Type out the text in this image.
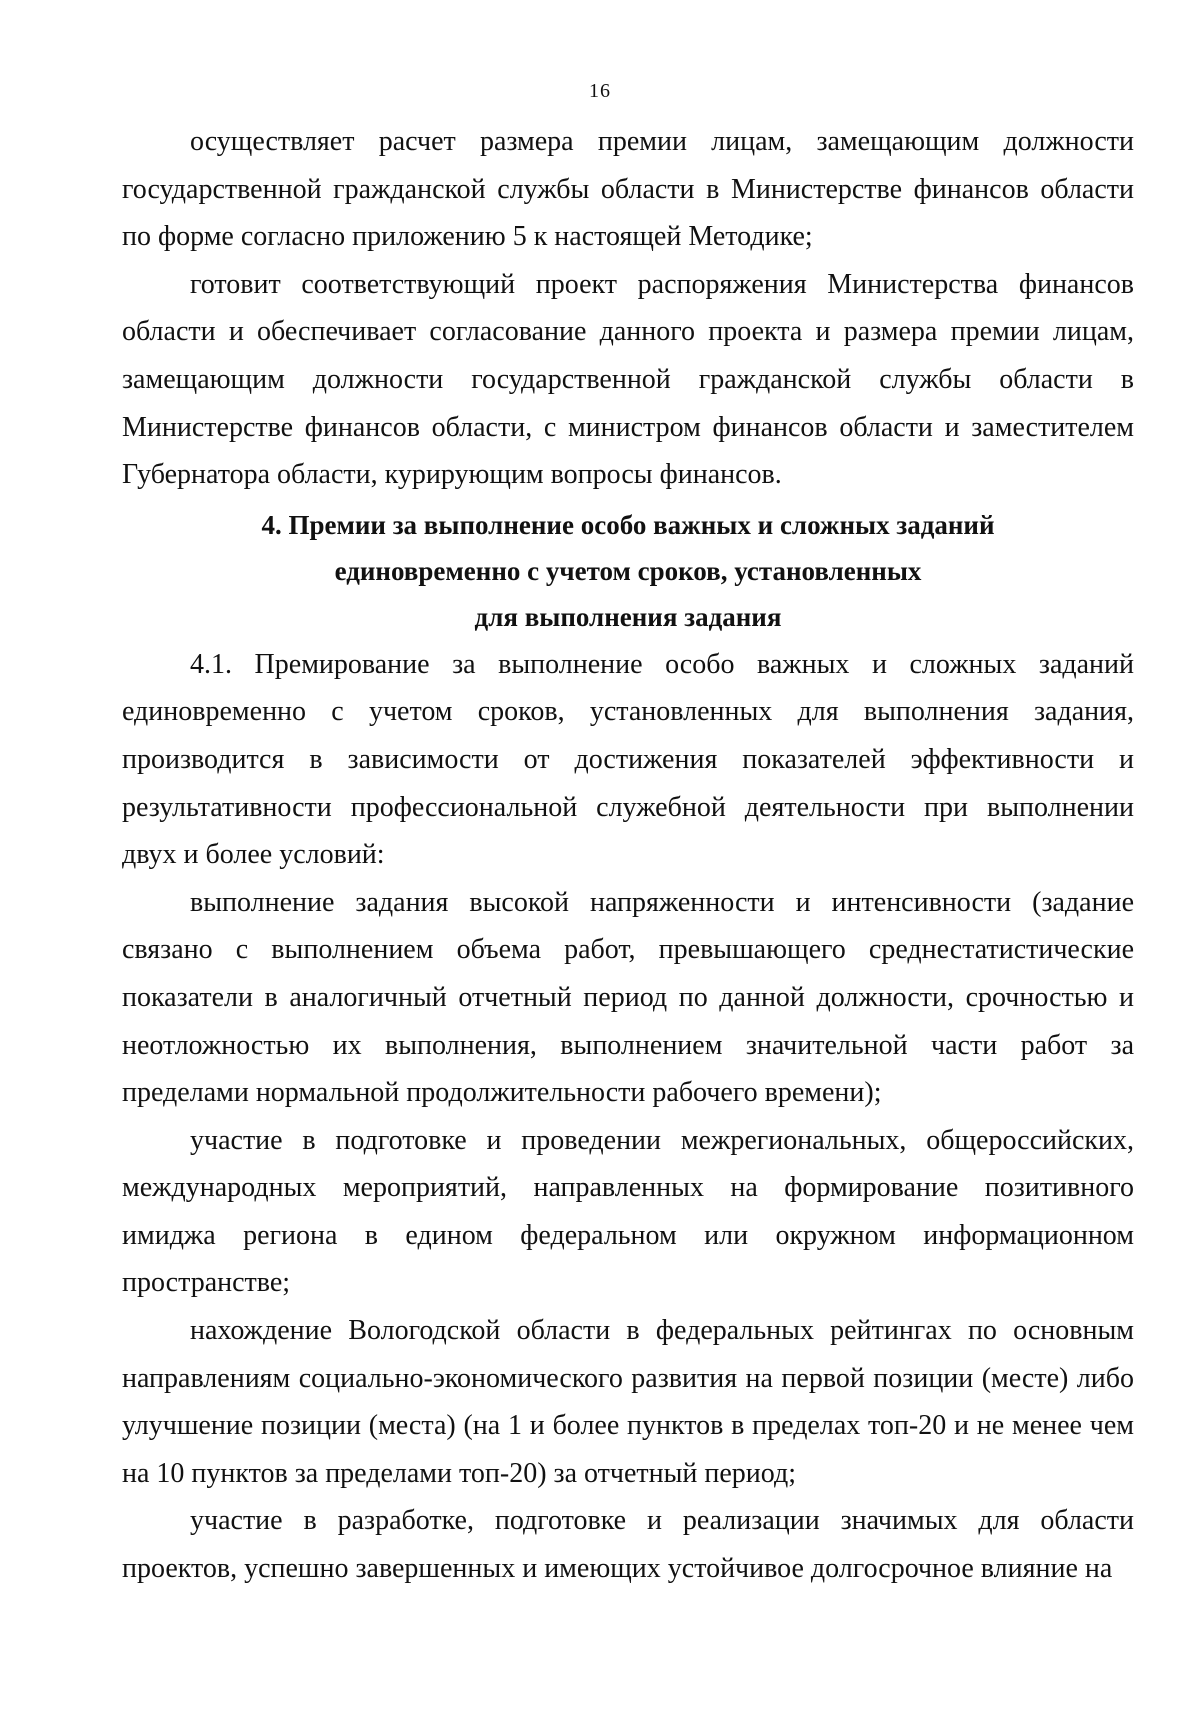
16

осуществляет расчет размера премии лицам, замещающим должности государственной гражданской службы области в Министерстве финансов области по форме согласно приложению 5 к настоящей Методике;

готовит соответствующий проект распоряжения Министерства финансов области и обеспечивает согласование данного проекта и размера премии лицам, замещающим должности государственной гражданской службы области в Министерстве финансов области, с министром финансов области и заместителем Губернатора области, курирующим вопросы финансов.

4. Премии за выполнение особо важных и сложных заданий
единовременно с учетом сроков, установленных
для выполнения задания

4.1. Премирование за выполнение особо важных и сложных заданий единовременно с учетом сроков, установленных для выполнения задания, производится в зависимости от достижения показателей эффективности и результативности профессиональной служебной деятельности при выполнении двух и более условий:

выполнение задания высокой напряженности и интенсивности (задание связано с выполнением объема работ, превышающего среднестатистические показатели в аналогичный отчетный период по данной должности, срочностью и неотложностью их выполнения, выполнением значительной части работ за пределами нормальной продолжительности рабочего времени);

участие в подготовке и проведении межрегиональных, общероссийских, международных мероприятий, направленных на формирование позитивного имиджа региона в едином федеральном или окружном информационном пространстве;

нахождение Вологодской области в федеральных рейтингах по основным направлениям социально-экономического развития на первой позиции (месте) либо улучшение позиции (места) (на 1 и более пунктов в пределах топ-20 и не менее чем на 10 пунктов за пределами топ-20) за отчетный период;

участие в разработке, подготовке и реализации значимых для области проектов, успешно завершенных и имеющих устойчивое долгосрочное влияние на
